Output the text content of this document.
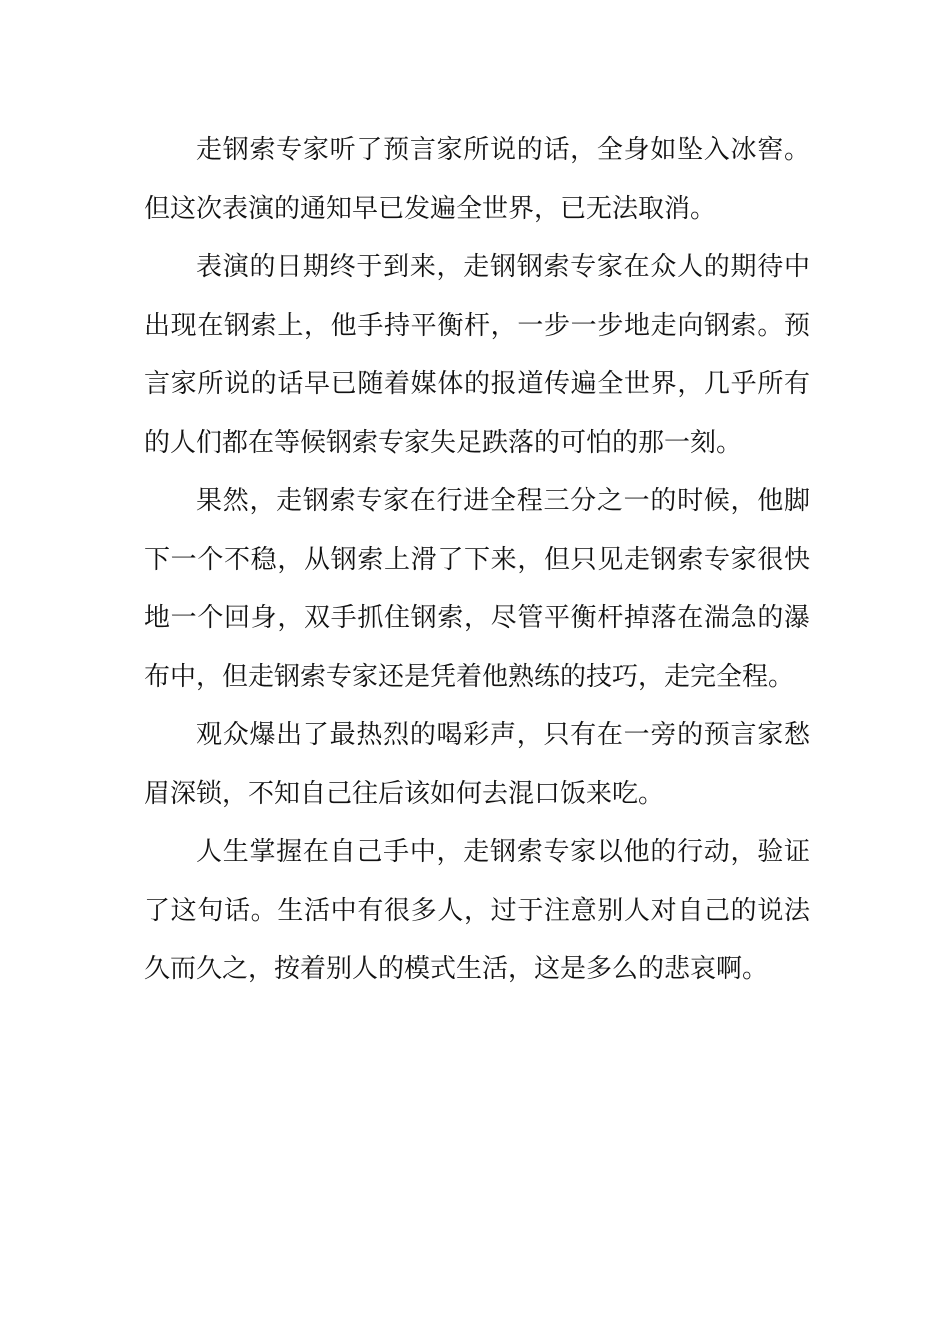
走钢索专家听了预言家所说的话，全身如坠入冰窖。
但这次表演的通知早已发遍全世界，已无法取消。

表演的日期终于到来，走钢钢索专家在众人的期待中
出现在钢索上，他手持平衡杆，一步一步地走向钢索。预
言家所说的话早已随着媒体的报道传遍全世界，几乎所有
的人们都在等候钢索专家失足跌落的可怕的那一刻。

果然，走钢索专家在行进全程三分之一的时候，他脚
下一个不稳，从钢索上滑了下来，但只见走钢索专家很快
地一个回身，双手抓住钢索，尽管平衡杆掉落在湍急的瀑
布中，但走钢索专家还是凭着他熟练的技巧，走完全程。

观众爆出了最热烈的喝彩声，只有在一旁的预言家愁
眉深锁，不知自己往后该如何去混口饭来吃。

人生掌握在自己手中，走钢索专家以他的行动，验证
了这句话。生活中有很多人，过于注意别人对自己的说法
久而久之，按着别人的模式生活，这是多么的悲哀啊。
